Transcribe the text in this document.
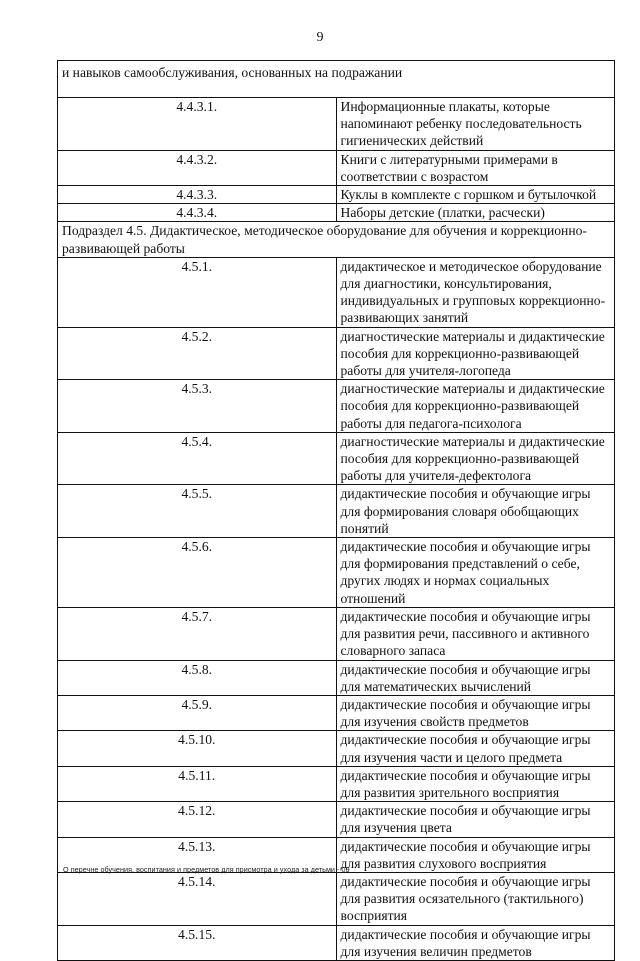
9
и навыков самообслуживания, основанных на подражании	
4.4.3.1.	Информационные плакаты, которые напоминают ребенку последовательность гигиенических действий
4.4.3.2.	Книги с литературными примерами в соответствии с возрастом
4.4.3.3.	Куклы в комплекте с горшком и бутылочкой
4.4.3.4.	Наборы детские (платки, расчески)
Подраздел 4.5. Дидактическое, методическое оборудование для обучения и коррекционно-развивающей работы	
4.5.1.	дидактическое и методическое оборудование для диагностики, консультирования, индивидуальных и групповых коррекционно-развивающих занятий
4.5.2.	диагностические материалы и дидактические пособия для коррекционно-развивающей работы для учителя-логопеда
4.5.3.	диагностические материалы и дидактические пособия для коррекционно-развивающей работы для педагога-психолога
4.5.4.	диагностические материалы и дидактические пособия для коррекционно-развивающей работы для учителя-дефектолога
4.5.5.	дидактические пособия и обучающие игры для формирования словаря обобщающих понятий
4.5.6.	дидактические пособия и обучающие игры для формирования представлений о себе, других людях и нормах социальных отношений
4.5.7.	дидактические пособия и обучающие игры для развития речи, пассивного и активного словарного запаса
4.5.8.	дидактические пособия и обучающие игры для математических вычислений
4.5.9.	дидактические пособия и обучающие игры для изучения свойств предметов
4.5.10.	дидактические пособия и обучающие игры для изучения части и целого предмета
4.5.11.	дидактические пособия и обучающие игры для развития зрительного восприятия
4.5.12.	дидактические пособия и обучающие игры для изучения цвета
4.5.13.	дидактические пособия и обучающие игры для развития слухового восприятия
4.5.14.	дидактические пособия и обучающие игры для развития осязательного (тактильного) восприятия
4.5.15.	дидактические пособия и обучающие игры для изучения величин предметов
О перечне обучения, воспитания и предметов для присмотра и ухода за детьми - 09
